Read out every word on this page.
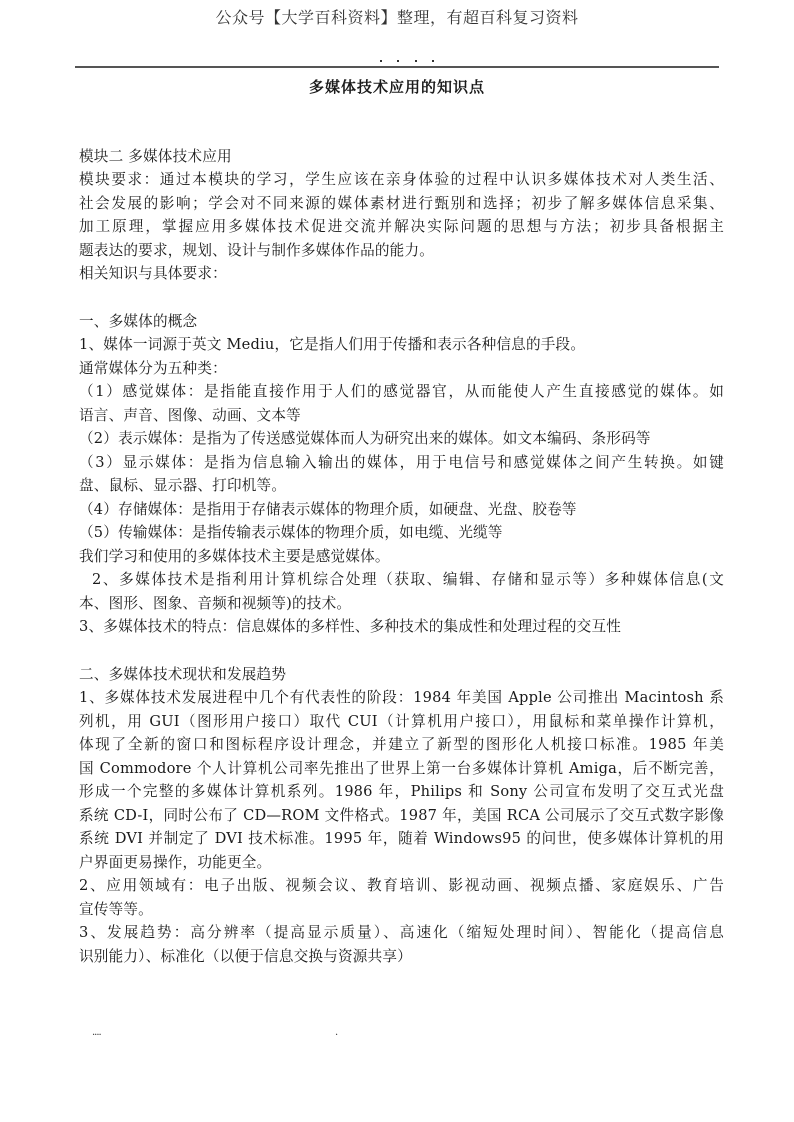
公众号【大学百科资料】整理，有超百科复习资料
多媒体技术应用的知识点
模块二 多媒体技术应用
模块要求：通过本模块的学习，学生应该在亲身体验的过程中认识多媒体技术对人类生活、
社会发展的影响；学会对不同来源的媒体素材进行甄别和选择；初步了解多媒体信息采集、
加工原理，掌握应用多媒体技术促进交流并解决实际问题的思想与方法；初步具备根据主
题表达的要求，规划、设计与制作多媒体作品的能力。
相关知识与具体要求：
一、多媒体的概念
1、媒体一词源于英文 Mediu，它是指人们用于传播和表示各种信息的手段。
通常媒体分为五种类：
（1）感觉媒体：是指能直接作用于人们的感觉器官，从而能使人产生直接感觉的媒体。如
语言、声音、图像、动画、文本等
（2）表示媒体：是指为了传送感觉媒体而人为研究出来的媒体。如文本编码、条形码等
（3）显示媒体：是指为信息输入输出的媒体，用于电信号和感觉媒体之间产生转换。如键
盘、鼠标、显示器、打印机等。
（4）存储媒体：是指用于存储表示媒体的物理介质，如硬盘、光盘、胶卷等
（5）传输媒体：是指传输表示媒体的物理介质，如电缆、光缆等
我们学习和使用的多媒体技术主要是感觉媒体。
2、多媒体技术是指利用计算机综合处理（获取、编辑、存储和显示等）多种媒体信息(文
本、图形、图象、音频和视频等)的技术。
3、多媒体技术的特点：信息媒体的多样性、多种技术的集成性和处理过程的交互性
二、多媒体技术现状和发展趋势
1、多媒体技术发展进程中几个有代表性的阶段：1984 年美国 Apple 公司推出 Macintosh 系
列机，用 GUI（图形用户接口）取代 CUI（计算机用户接口），用鼠标和菜单操作计算机，
体现了全新的窗口和图标程序设计理念，并建立了新型的图形化人机接口标准。1985 年美
国 Commodore 个人计算机公司率先推出了世界上第一台多媒体计算机 Amiga，后不断完善，
形成一个完整的多媒体计算机系列。1986 年，Philips 和 Sony 公司宣布发明了交互式光盘
系统 CD-I，同时公布了 CD—ROM 文件格式。1987 年，美国 RCA 公司展示了交互式数字影像
系统 DVI 并制定了 DVI 技术标准。1995 年，随着 Windows95 的问世，使多媒体计算机的用
户界面更易操作，功能更全。
2、应用领域有：电子出版、视频会议、教育培训、影视动画、视频点播、家庭娱乐、广告
宣传等等。
3、发展趋势：高分辨率（提高显示质量）、高速化（缩短处理时间）、智能化（提高信息
识别能力）、标准化（以便于信息交换与资源共享）
....	.
